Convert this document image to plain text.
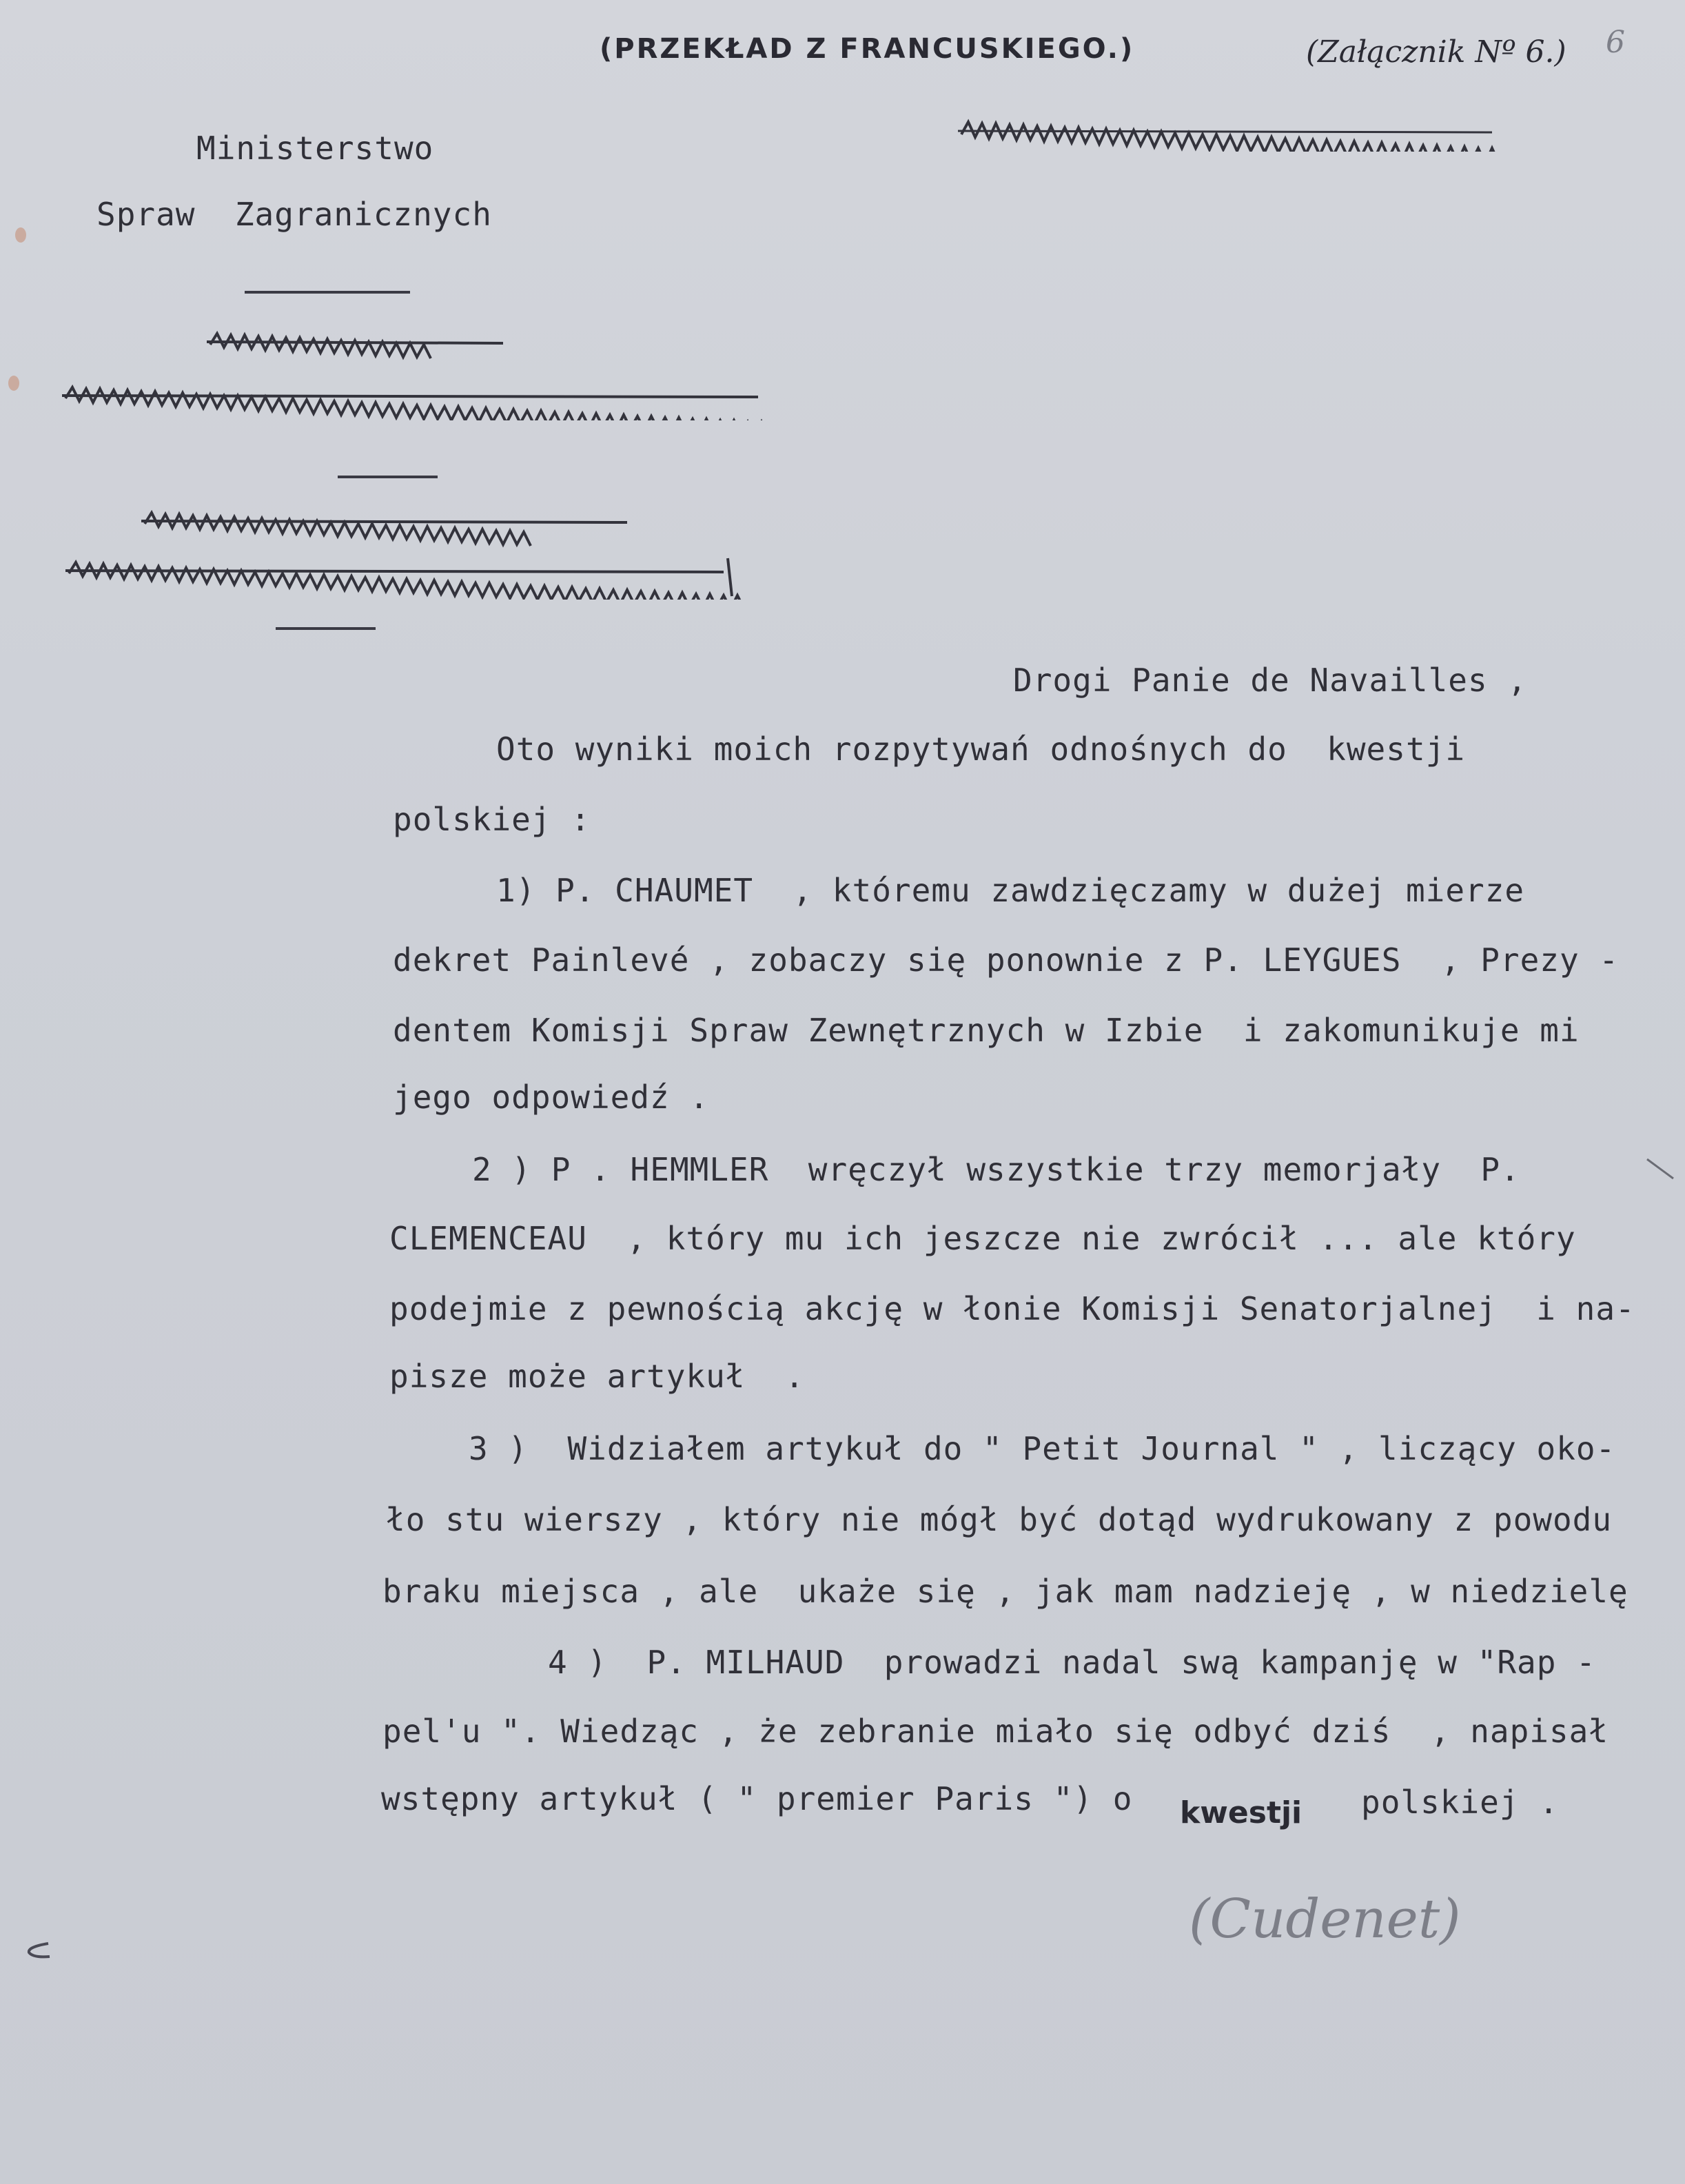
(PRZEKŁAD Z FRANCUSKIEGO.)	(Załącznik Nº 6.) 6
Ministerstwo
Spraw  Zagranicznych
Drogi Panie de Navailles ,
Oto wyniki moich rozpytywań odnośnych do  kwestji
polskiej :
1) P. CHAUMET  , któremu zawdzięczamy w dużej mierze
dekret Painlevé , zobaczy się ponownie z P. LEYGUES  , Prezy -
dentem Komisji Spraw Zewnętrznych w Izbie  i zakomunikuje mi
jego odpowiedź .
2 ) P . HEMMLER  wręczył wszystkie trzy memorjały  P.
CLEMENCEAU  , który mu ich jeszcze nie zwrócił ... ale który
podejmie z pewnością akcję w łonie Komisji Senatorjalnej  i na-
pisze może artykuł  .
3 )  Widziałem artykuł do " Petit Journal " , liczący oko-
ło stu wierszy , który nie mógł być dotąd wydrukowany z powodu
braku miejsca , ale  ukaże się , jak mam nadzieję , w niedzielę
4 )  P. MILHAUD  prowadzi nadal swą kampanję w "Rap -
pel'u ". Wiedząc , że zebranie miało się odbyć dziś  , napisał
wstępny artykuł ( " premier Paris ") o kwestji polskiej .
(Cudenet)
